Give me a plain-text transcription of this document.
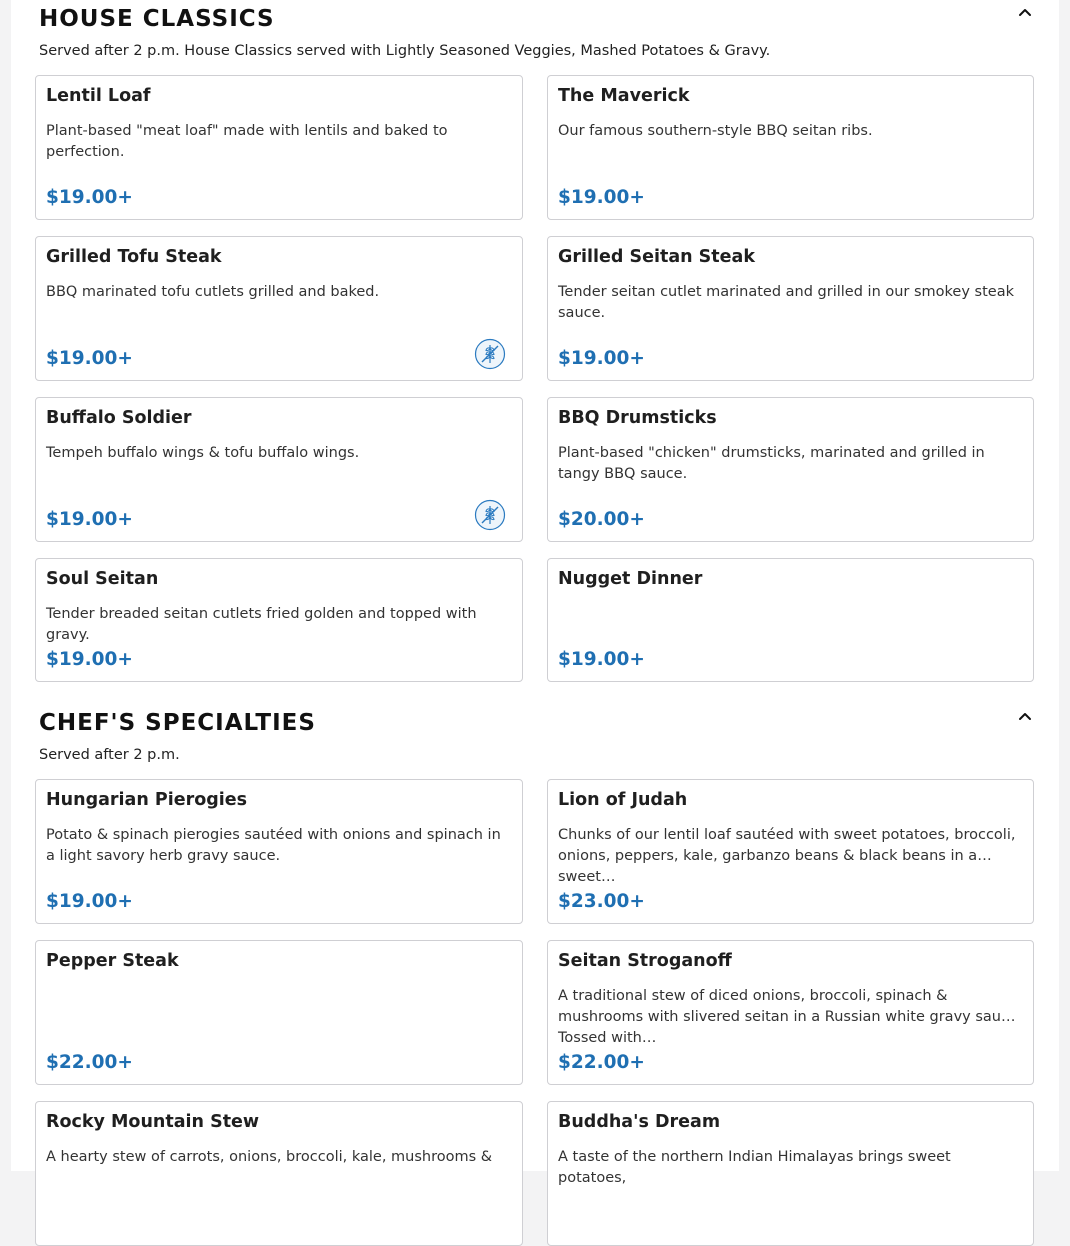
HOUSE CLASSICS

Served after 2 p.m. House Classics served with Lightly Seasoned Veggies, Mashed Potatoes & Gravy.

Lentil Loaf

Plant-based "meat loaf" made with lentils and baked to perfection.

$19.00+

The Maverick

Our famous southern-style BBQ seitan ribs.

$19.00+

Grilled Tofu Steak

BBQ marinated tofu cutlets grilled and baked.

$19.00+

Grilled Seitan Steak

Tender seitan cutlet marinated and grilled in our smokey steak sauce.

$19.00+

Buffalo Soldier

Tempeh buffalo wings & tofu buffalo wings.

$19.00+

BBQ Drumsticks

Plant-based "chicken" drumsticks, marinated and grilled in tangy BBQ sauce.

$20.00+

Soul Seitan

Tender breaded seitan cutlets fried golden and topped with gravy.

$19.00+

Nugget Dinner

$19.00+

CHEF'S SPECIALTIES

Served after 2 p.m.

Hungarian Pierogies

Potato & spinach pierogies sautéed with onions and spinach in a light savory herb gravy sauce.

$19.00+

Lion of Judah

Chunks of our lentil loaf sautéed with sweet potatoes, broccoli, onions, peppers, kale, garbanzo beans & black beans in a sweet…

$23.00+

Pepper Steak

$22.00+

Seitan Stroganoff

A traditional stew of diced onions, broccoli, spinach & mushrooms with slivered seitan in a Russian white gravy sauce. Tossed with…

$22.00+

Rocky Mountain Stew

A hearty stew of carrots, onions, broccoli, kale, mushrooms &

Buddha's Dream

A taste of the northern Indian Himalayas brings sweet potatoes,
